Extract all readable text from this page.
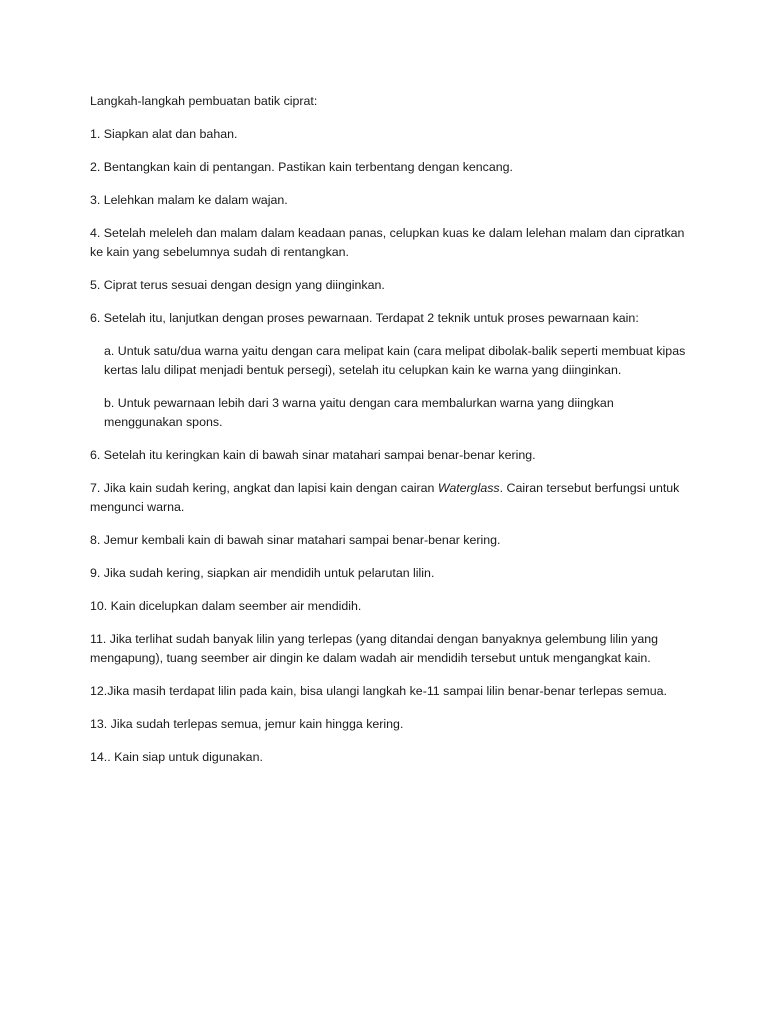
Langkah-langkah pembuatan batik ciprat:

1. Siapkan alat dan bahan.

2. Bentangkan kain di pentangan. Pastikan kain terbentang dengan kencang.

3. Lelehkan malam ke dalam wajan.

4. Setelah meleleh dan malam dalam keadaan panas, celupkan kuas ke dalam lelehan malam dan cipratkan ke kain yang sebelumnya sudah di rentangkan.

5. Ciprat terus sesuai dengan design yang diinginkan.

6. Setelah itu, lanjutkan dengan proses pewarnaan. Terdapat 2 teknik untuk proses pewarnaan kain:

a. Untuk satu/dua warna yaitu dengan cara melipat kain (cara melipat dibolak-balik seperti membuat kipas kertas lalu dilipat menjadi bentuk persegi), setelah itu celupkan kain ke warna yang diinginkan.

b. Untuk pewarnaan lebih dari 3 warna yaitu dengan cara membalurkan warna yang diingkan menggunakan spons.

6. Setelah itu keringkan kain di bawah sinar matahari sampai benar-benar kering.

7. Jika kain sudah kering, angkat dan lapisi kain dengan cairan Waterglass. Cairan tersebut berfungsi untuk mengunci warna.

8. Jemur kembali kain di bawah sinar matahari sampai benar-benar kering.

9. Jika sudah kering, siapkan air mendidih untuk pelarutan lilin.

10. Kain dicelupkan dalam seember air mendidih.

11. Jika terlihat sudah banyak lilin yang terlepas (yang ditandai dengan banyaknya gelembung lilin yang mengapung), tuang seember air dingin ke dalam wadah air mendidih tersebut untuk mengangkat kain.

12.Jika masih terdapat lilin pada kain, bisa ulangi langkah ke-11 sampai lilin benar-benar terlepas semua.

13. Jika sudah terlepas semua, jemur kain hingga kering.

14.. Kain siap untuk digunakan.
